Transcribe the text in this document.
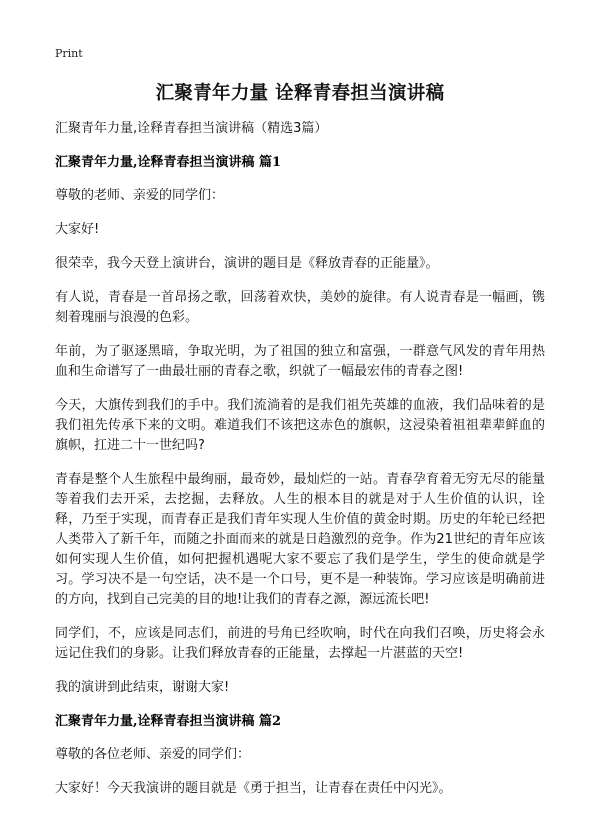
Print
汇聚青年力量 诠释青春担当演讲稿

汇聚青年力量,诠释青春担当演讲稿（精选3篇）

汇聚青年力量,诠释青春担当演讲稿 篇1

尊敬的老师、亲爱的同学们：

大家好!

很荣幸，我今天登上演讲台，演讲的题目是《释放青春的正能量》。

有人说，青春是一首昂扬之歌，回荡着欢快，美妙的旋律。有人说青春是一幅画，镌刻着瑰丽与浪漫的色彩。

年前，为了驱逐黑暗，争取光明，为了祖国的独立和富强，一群意气风发的青年用热血和生命谱写了一曲最壮丽的青春之歌，织就了一幅最宏伟的青春之图!

今天，大旗传到我们的手中。我们流淌着的是我们祖先英雄的血液，我们品味着的是我们祖先传承下来的文明。难道我们不该把这赤色的旗帜，这浸染着祖祖辈辈鲜血的旗帜，扛进二十一世纪吗?

青春是整个人生旅程中最绚丽，最奇妙，最灿烂的一站。青春孕育着无穷无尽的能量等着我们去开采，去挖掘，去释放。人生的根本目的就是对于人生价值的认识，诠释，乃至于实现，而青春正是我们青年实现人生价值的黄金时期。历史的年轮已经把人类带入了新千年，而随之扑面而来的就是日趋激烈的竞争。作为21世纪的青年应该如何实现人生价值，如何把握机遇呢大家不要忘了我们是学生，学生的使命就是学习。学习决不是一句空话，决不是一个口号，更不是一种装饰。学习应该是明确前进的方向，找到自己完美的目的地!让我们的青春之源，源远流长吧!

同学们，不，应该是同志们，前进的号角已经吹响，时代在向我们召唤，历史将会永远记住我们的身影。让我们释放青春的正能量，去撑起一片湛蓝的天空!

我的演讲到此结束，谢谢大家!

汇聚青年力量,诠释青春担当演讲稿 篇2

尊敬的各位老师、亲爱的同学们：

大家好！今天我演讲的题目就是《勇于担当，让青春在责任中闪光》。
